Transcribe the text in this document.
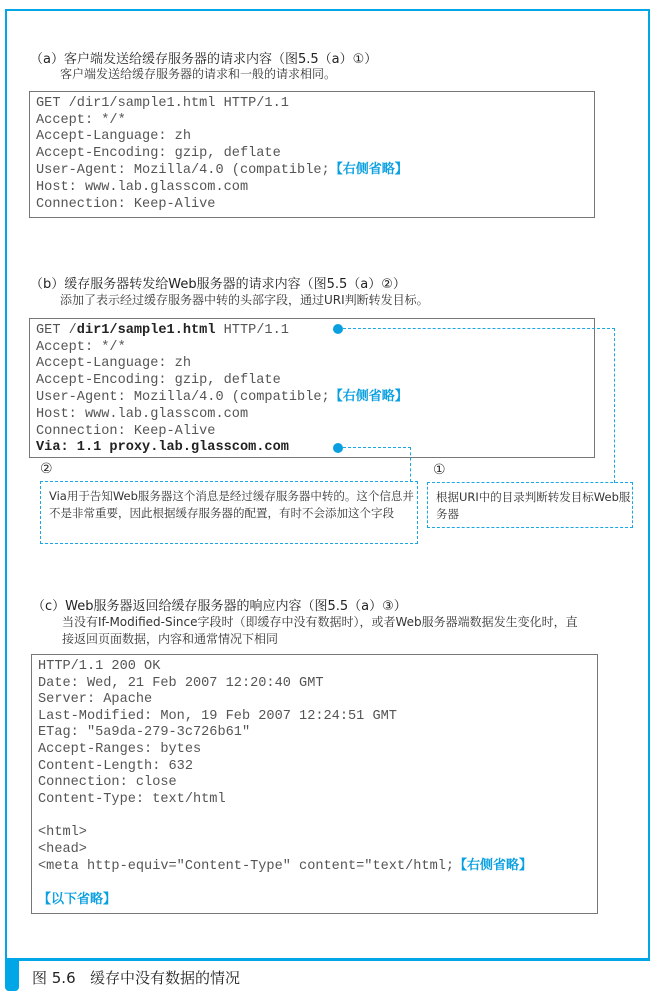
（a）客户端发送给缓存服务器的请求内容（图5.5（a）①）
客户端发送给缓存服务器的请求和一般的请求相同。
GET /dir1/sample1.html HTTP/1.1
Accept: */*
Accept-Language: zh
Accept-Encoding: gzip, deflate
User-Agent: Mozilla/4.0 (compatible;【右侧省略】
Host: www.lab.glasscom.com
Connection: Keep-Alive
（b）缓存服务器转发给Web服务器的请求内容（图5.5（a）②）
添加了表示经过缓存服务器中转的头部字段，通过URI判断转发目标。
GET /dir1/sample1.html HTTP/1.1
Accept: */*
Accept-Language: zh
Accept-Encoding: gzip, deflate
User-Agent: Mozilla/4.0 (compatible;【右侧省略】
Host: www.lab.glasscom.com
Connection: Keep-Alive
Via: 1.1 proxy.lab.glasscom.com
②
Via用于告知Web服务器这个消息是经过缓存服务器中转的。这个信息并不是非常重要，因此根据缓存服务器的配置，有时不会添加这个字段
①
根据URI中的目录判断转发目标Web服务器
（c）Web服务器返回给缓存服务器的响应内容（图5.5（a）③）
当没有If-Modified-Since字段时（即缓存中没有数据时），或者Web服务器端数据发生变化时，直接返回页面数据，内容和通常情况下相同
HTTP/1.1 200 OK
Date: Wed, 21 Feb 2007 12:20:40 GMT
Server: Apache
Last-Modified: Mon, 19 Feb 2007 12:24:51 GMT
ETag: "5a9da-279-3c726b61"
Accept-Ranges: bytes
Content-Length: 632
Connection: close
Content-Type: text/html
<html>
<head>
<meta http-equiv="Content-Type" content="text/html;【右侧省略】
【以下省略】
图 5.6 缓存中没有数据的情况
